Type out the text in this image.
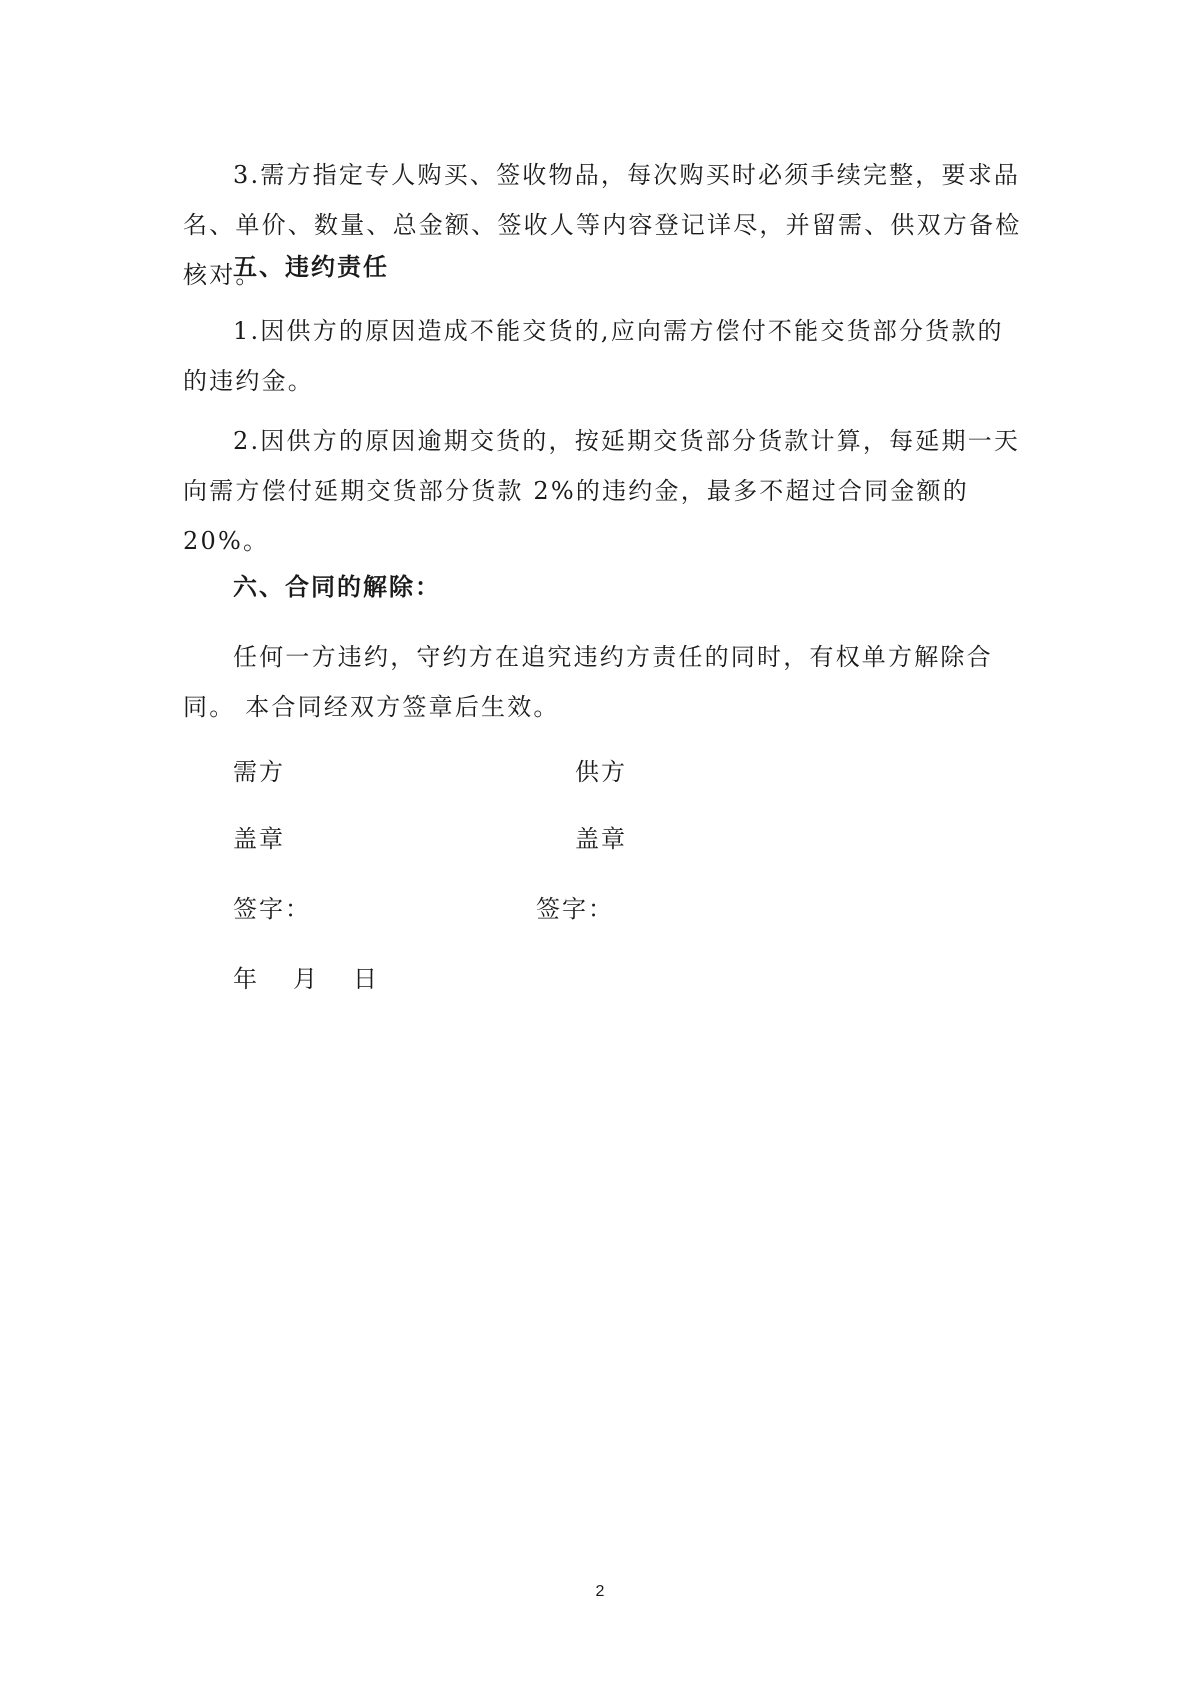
3.需方指定专人购买、签收物品，每次购买时必须手续完整，要求品名、单价、数量、总金额、签收人等内容登记详尽，并留需、供双方备检核对。

五、违约责任

1.因供方的原因造成不能交货的,应向需方偿付不能交货部分货款的的违约金。

2.因供方的原因逾期交货的，按延期交货部分货款计算，每延期一天向需方偿付延期交货部分货款 2%的违约金，最多不超过合同金额的 20%。

六、合同的解除：

任何一方违约，守约方在追究违约方责任的同时，有权单方解除合同。 本合同经双方签章后生效。

需方	供方

盖章	盖章

签字：	签字：

年 月 日
2
